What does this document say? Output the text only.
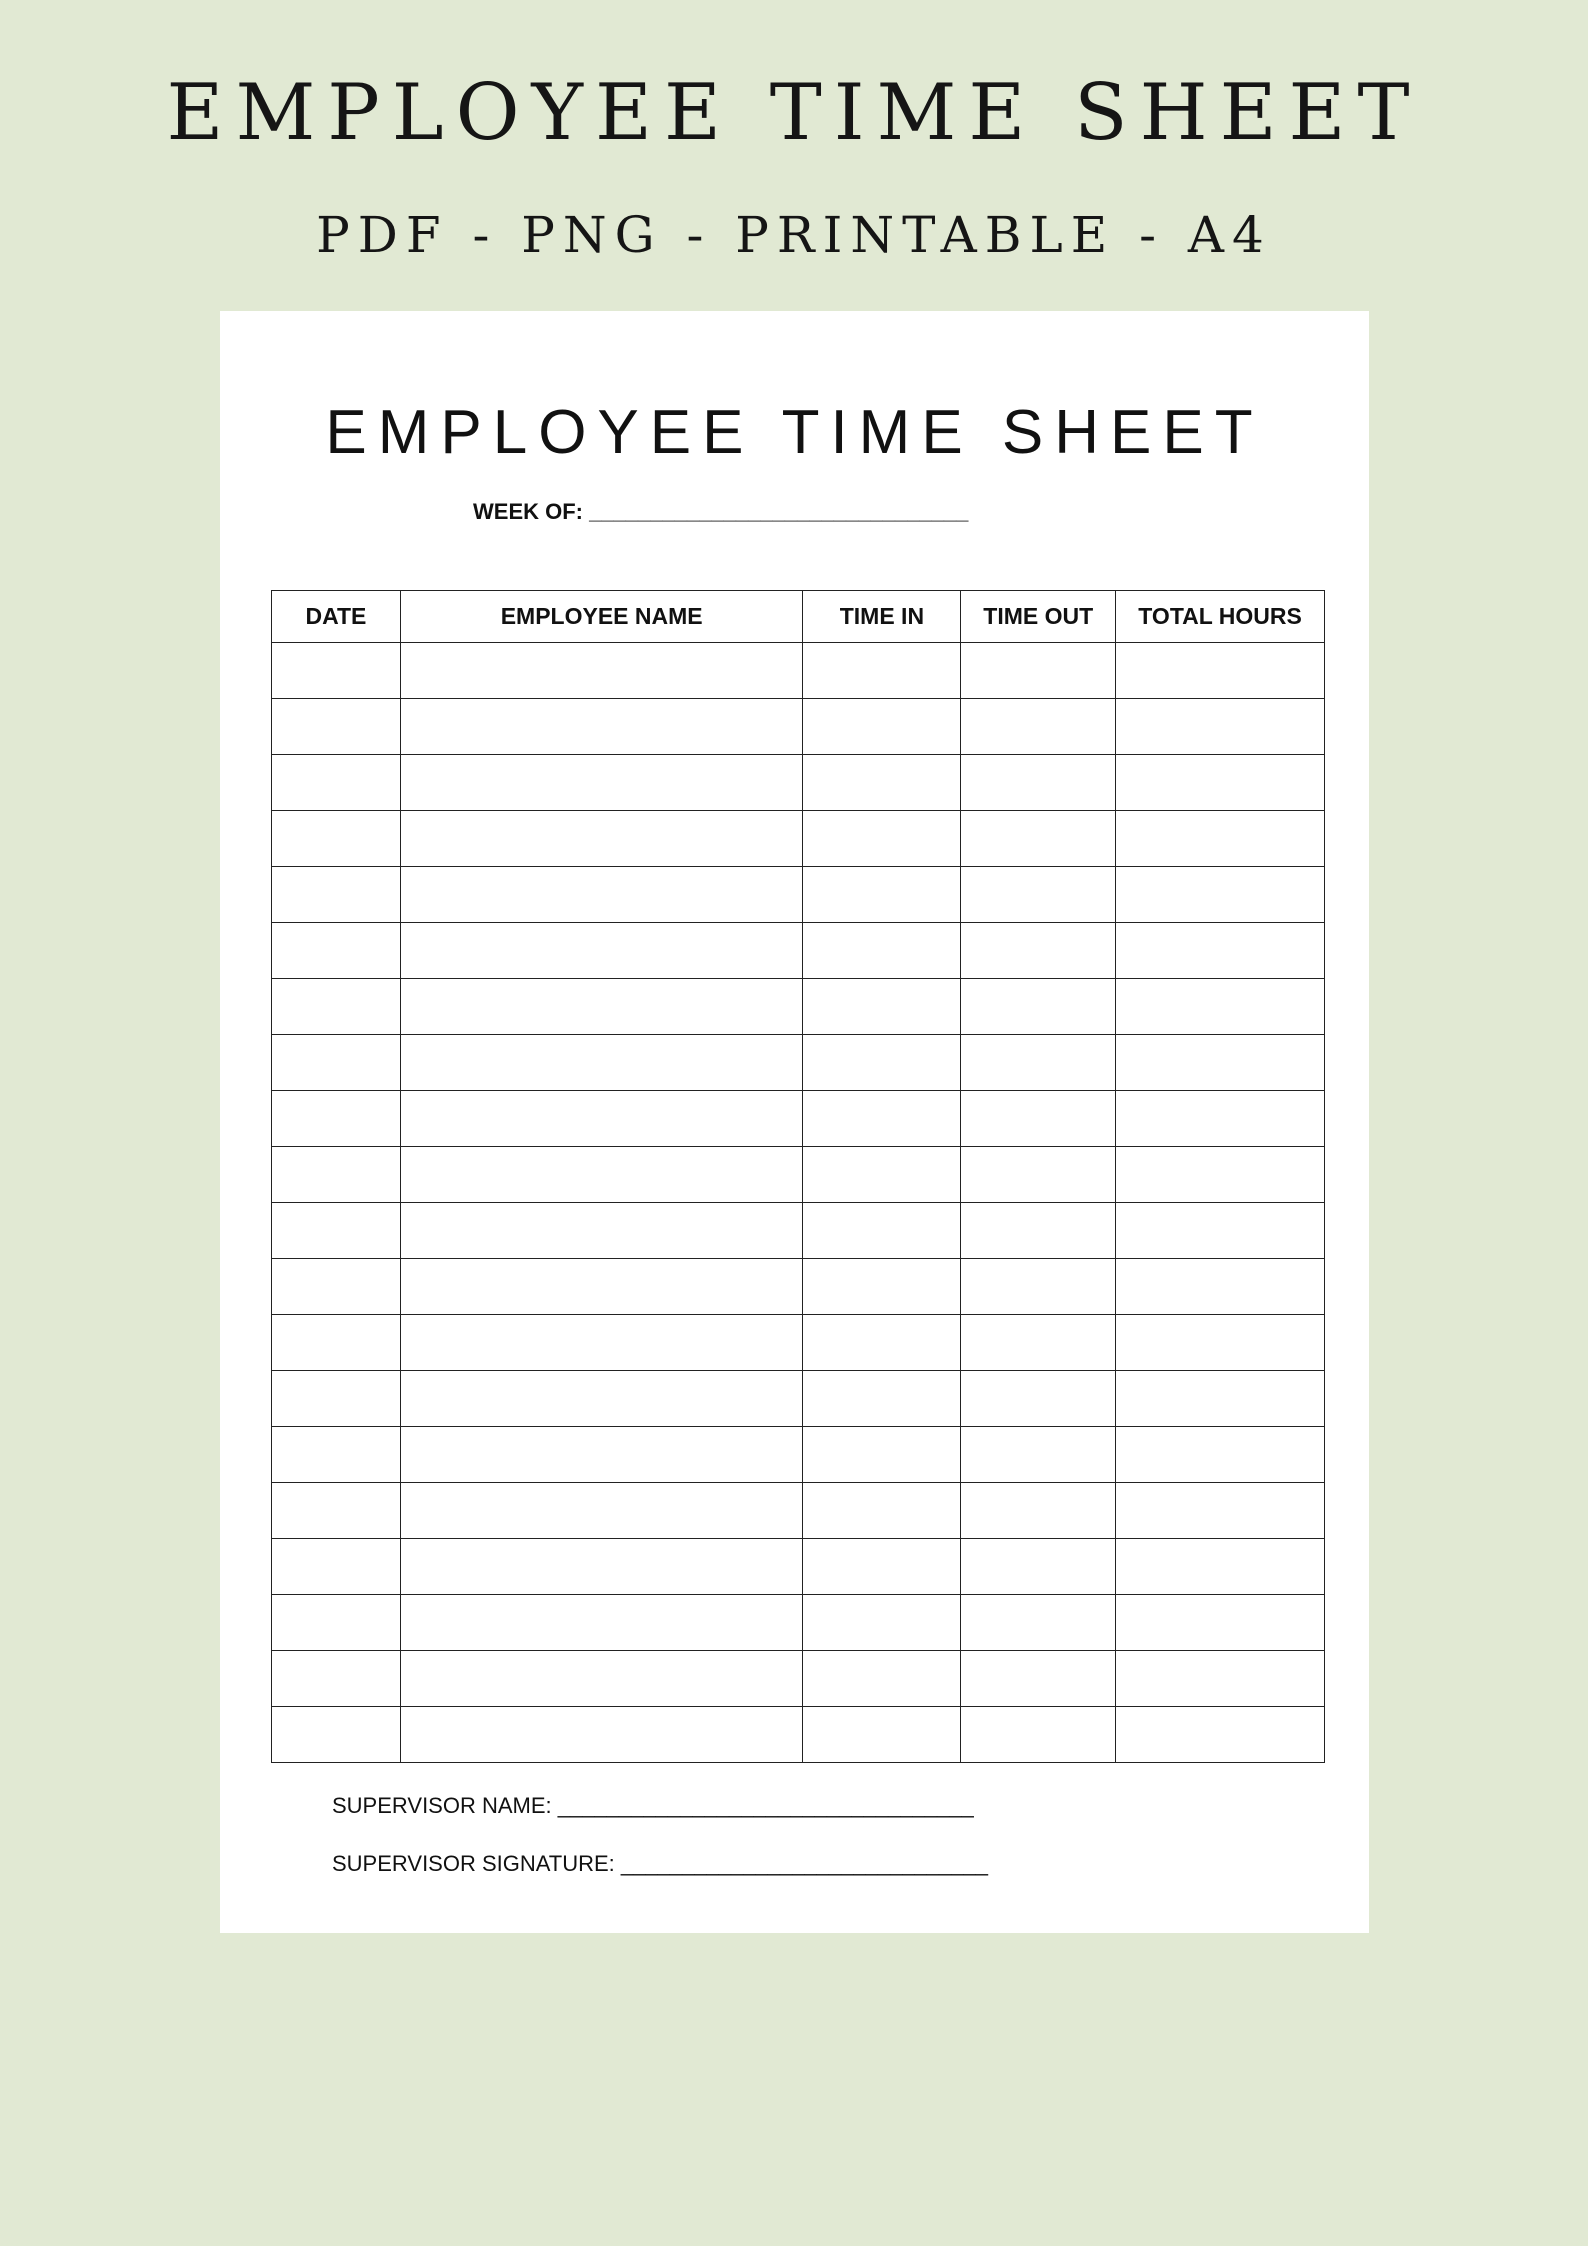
EMPLOYEE TIME SHEET
PDF - PNG - PRINTABLE - A4
EMPLOYEE TIME SHEET
WEEK OF: _______________________________
DATE	EMPLOYEE NAME	TIME IN	TIME OUT	TOTAL HOURS

SUPERVISOR NAME: __________________________________
SUPERVISOR SIGNATURE: ______________________________
